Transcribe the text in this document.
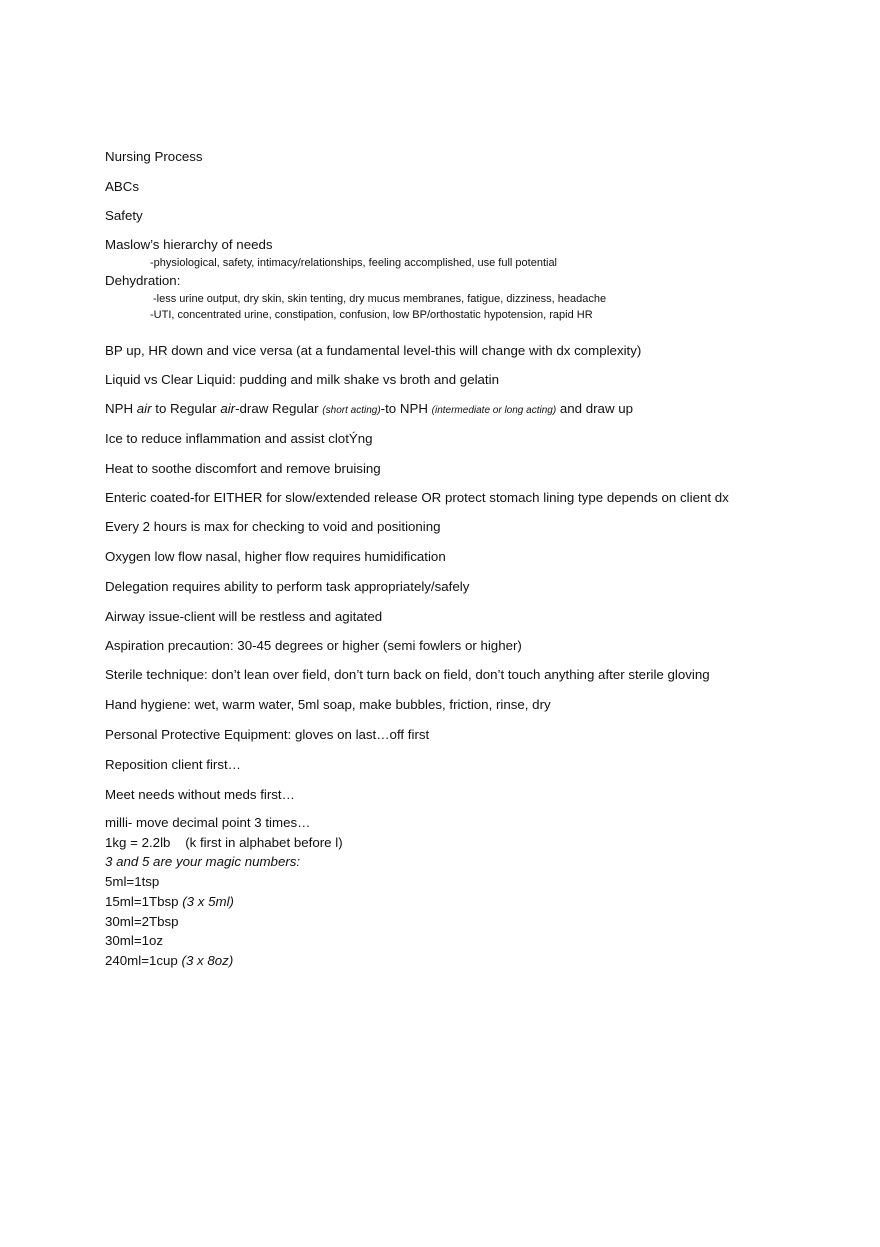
Nursing Process
ABCs
Safety
Maslow’s hierarchy of needs
-physiological, safety, intimacy/relationships, feeling accomplished, use full potential
Dehydration:
-less urine output, dry skin, skin tenting, dry mucus membranes, fatigue, dizziness, headache
-UTI, concentrated urine, constipation, confusion, low BP/orthostatic hypotension, rapid HR
BP up, HR down and vice versa (at a fundamental level-this will change with dx complexity)
Liquid vs Clear Liquid: pudding and milk shake vs broth and gelatin
NPH air to Regular air-draw Regular (short acting)-to NPH (intermediate or long acting) and draw up
Ice to reduce inflammation and assist clotÝng
Heat to soothe discomfort and remove bruising
Enteric coated-for EITHER for slow/extended release OR protect stomach lining type depends on client dx
Every 2 hours is max for checking to void and positioning
Oxygen low flow nasal, higher flow requires humidification
Delegation requires ability to perform task appropriately/safely
Airway issue-client will be restless and agitated
Aspiration precaution: 30-45 degrees or higher (semi fowlers or higher)
Sterile technique: don’t lean over field, don’t turn back on field, don’t touch anything after sterile gloving
Hand hygiene: wet, warm water, 5ml soap, make bubbles, friction, rinse, dry
Personal Protective Equipment: gloves on last…off first
Reposition client first…
Meet needs without meds first…
milli- move decimal point 3 times…
1kg = 2.2lb    (k first in alphabet before l)
3 and 5 are your magic numbers:
5ml=1tsp
15ml=1Tbsp (3 x 5ml)
30ml=2Tbsp
30ml=1oz
240ml=1cup (3 x 8oz)
